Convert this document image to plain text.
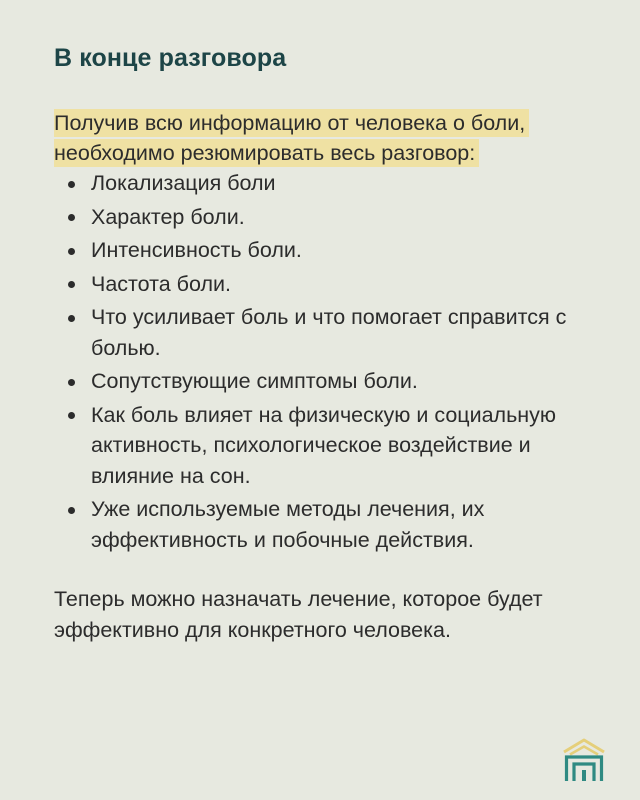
В конце разговора

Получив всю информацию от человека о боли, необходимо резюмировать весь разговор:

Локализация боли
Характер боли.
Интенсивность боли.
Частота боли.
Что усиливает боль и что помогает справится с болью.
Сопутствующие симптомы боли.
Как боль влияет на физическую и социальную активность, психологическое воздействие и влияние на сон.
Уже используемые методы лечения, их эффективность и побочные действия.

Теперь можно назначать лечение, которое будет эффективно для конкретного человека.
